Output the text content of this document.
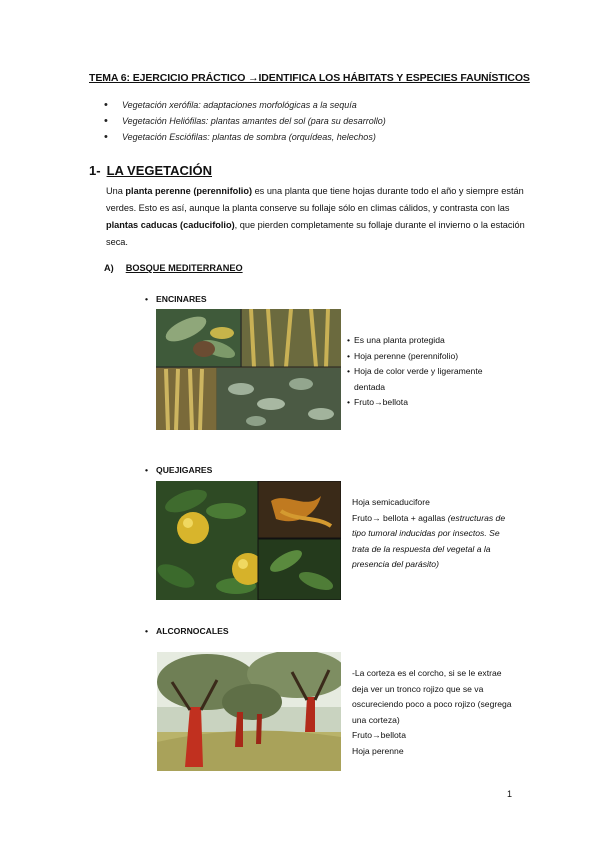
TEMA 6: EJERCICIO PRÁCTICO →IDENTIFICA LOS HÁBITATS Y ESPECIES FAUNÍSTICOS
• Vegetación xerófila: adaptaciones morfológicas a la sequía
• Vegetación Heliófilas: plantas amantes del sol (para su desarrollo)
• Vegetación Esciófilas: plantas de sombra (orquídeas, helechos)
1- LA VEGETACIÓN
Una planta perenne (perennifolio) es una planta que tiene hojas durante todo el año y siempre están verdes. Esto es así, aunque la planta conserve su follaje sólo en climas cálidos, y contrasta con las plantas caducas (caducifolio), que pierden completamente su follaje durante el invierno o la estación seca.
A) BOSQUE MEDITERRANEO
• ENCINARES
• Es una planta protegida
• Hoja perenne (perennifolio)
• Hoja de color verde y ligeramente dentada
• Fruto→bellota
• QUEJIGARES
Hoja semicaducifore
Fruto→ bellota + agallas (estructuras de tipo tumoral inducidas por insectos. Se trata de la respuesta del vegetal a la presencia del parásito)
• ALCORNOCALES
-La corteza es el corcho, si se le extrae deja ver un tronco rojizo que se va oscureciendo poco a poco rojizo (segrega una corteza)
Fruto→bellota
Hoja perenne
1
